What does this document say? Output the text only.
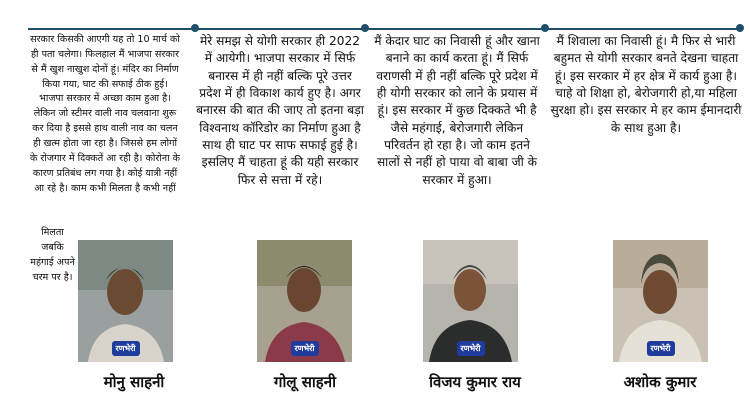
सरकार किसकी आएगी यह तो 10 मार्च को ही पता चलेगा। फिलहाल मैं भाजपा सरकार से मैं खुश नाखुश दोनों हूं। मंदिर का निर्माण किया गया, घाट की सफाई ठीक हुई। भाजपा सरकार में अच्छा काम हुआ है। लेकिन जो स्टीमर वाली नाव चलवाना शुरू कर दिया है इससे हाथ वाली नाव का चलन ही खत्म होता जा रहा है। जिससे हम लोगों के रोजगार में दिक्कतें आ रही है। कोरोना के कारण प्रतिबंध लग गया है। कोई यात्री नहीं आ रहे है। काम कभी मिलता है कभी नहीं
मिलता जबकि महंगाई अपने चरम पर है।
मेरे समझ से योगी सरकार ही 2022 में आयेगी। भाजपा सरकार में सिर्फ बनारस में ही नहीं बल्कि पूरे उत्तर प्रदेश में ही विकाश कार्य हुए है। अगर बनारस की बात की जाए तो इतना बड़ा विश्वनाथ कॉरिडोर का निर्माण हुआ है साथ ही घाट पर साफ सफाई हुई है। इसलिए मैं चाहता हूं की यही सरकार फिर से सत्ता में रहे।
मैं केदार घाट का निवासी हूं और खाना बनाने का कार्य करता हूं। मैं सिर्फ वराणसी में ही नहीं बल्कि पूरे प्रदेश में ही योगी सरकार को लाने के प्रयास में हूं। इस सरकार में कुछ दिक्कते भी है जैसे महंगाई, बेरोजगारी लेकिन परिवर्तन हो रहा है। जो काम इतने सालों से नहीं हो पाया वो बाबा जी के सरकार में हुआ।
मैं शिवाला का निवासी हूं। मै फिर से भारी बहुमत से योगी सरकार बनते देखना चाहता हूं। इस सरकार में हर क्षेत्र में कार्य हुआ है। चाहे वो शिक्षा हो, बेरोजगारी हो,या महिला सुरक्षा हो। इस सरकार मे हर काम ईमानदारी के साथ हुआ है।
रणभेरी	रणभेरी	रणभेरी	रणभेरी
मोनु साहनी	गोलू साहनी	विजय कुमार राय	अशोक कुमार
